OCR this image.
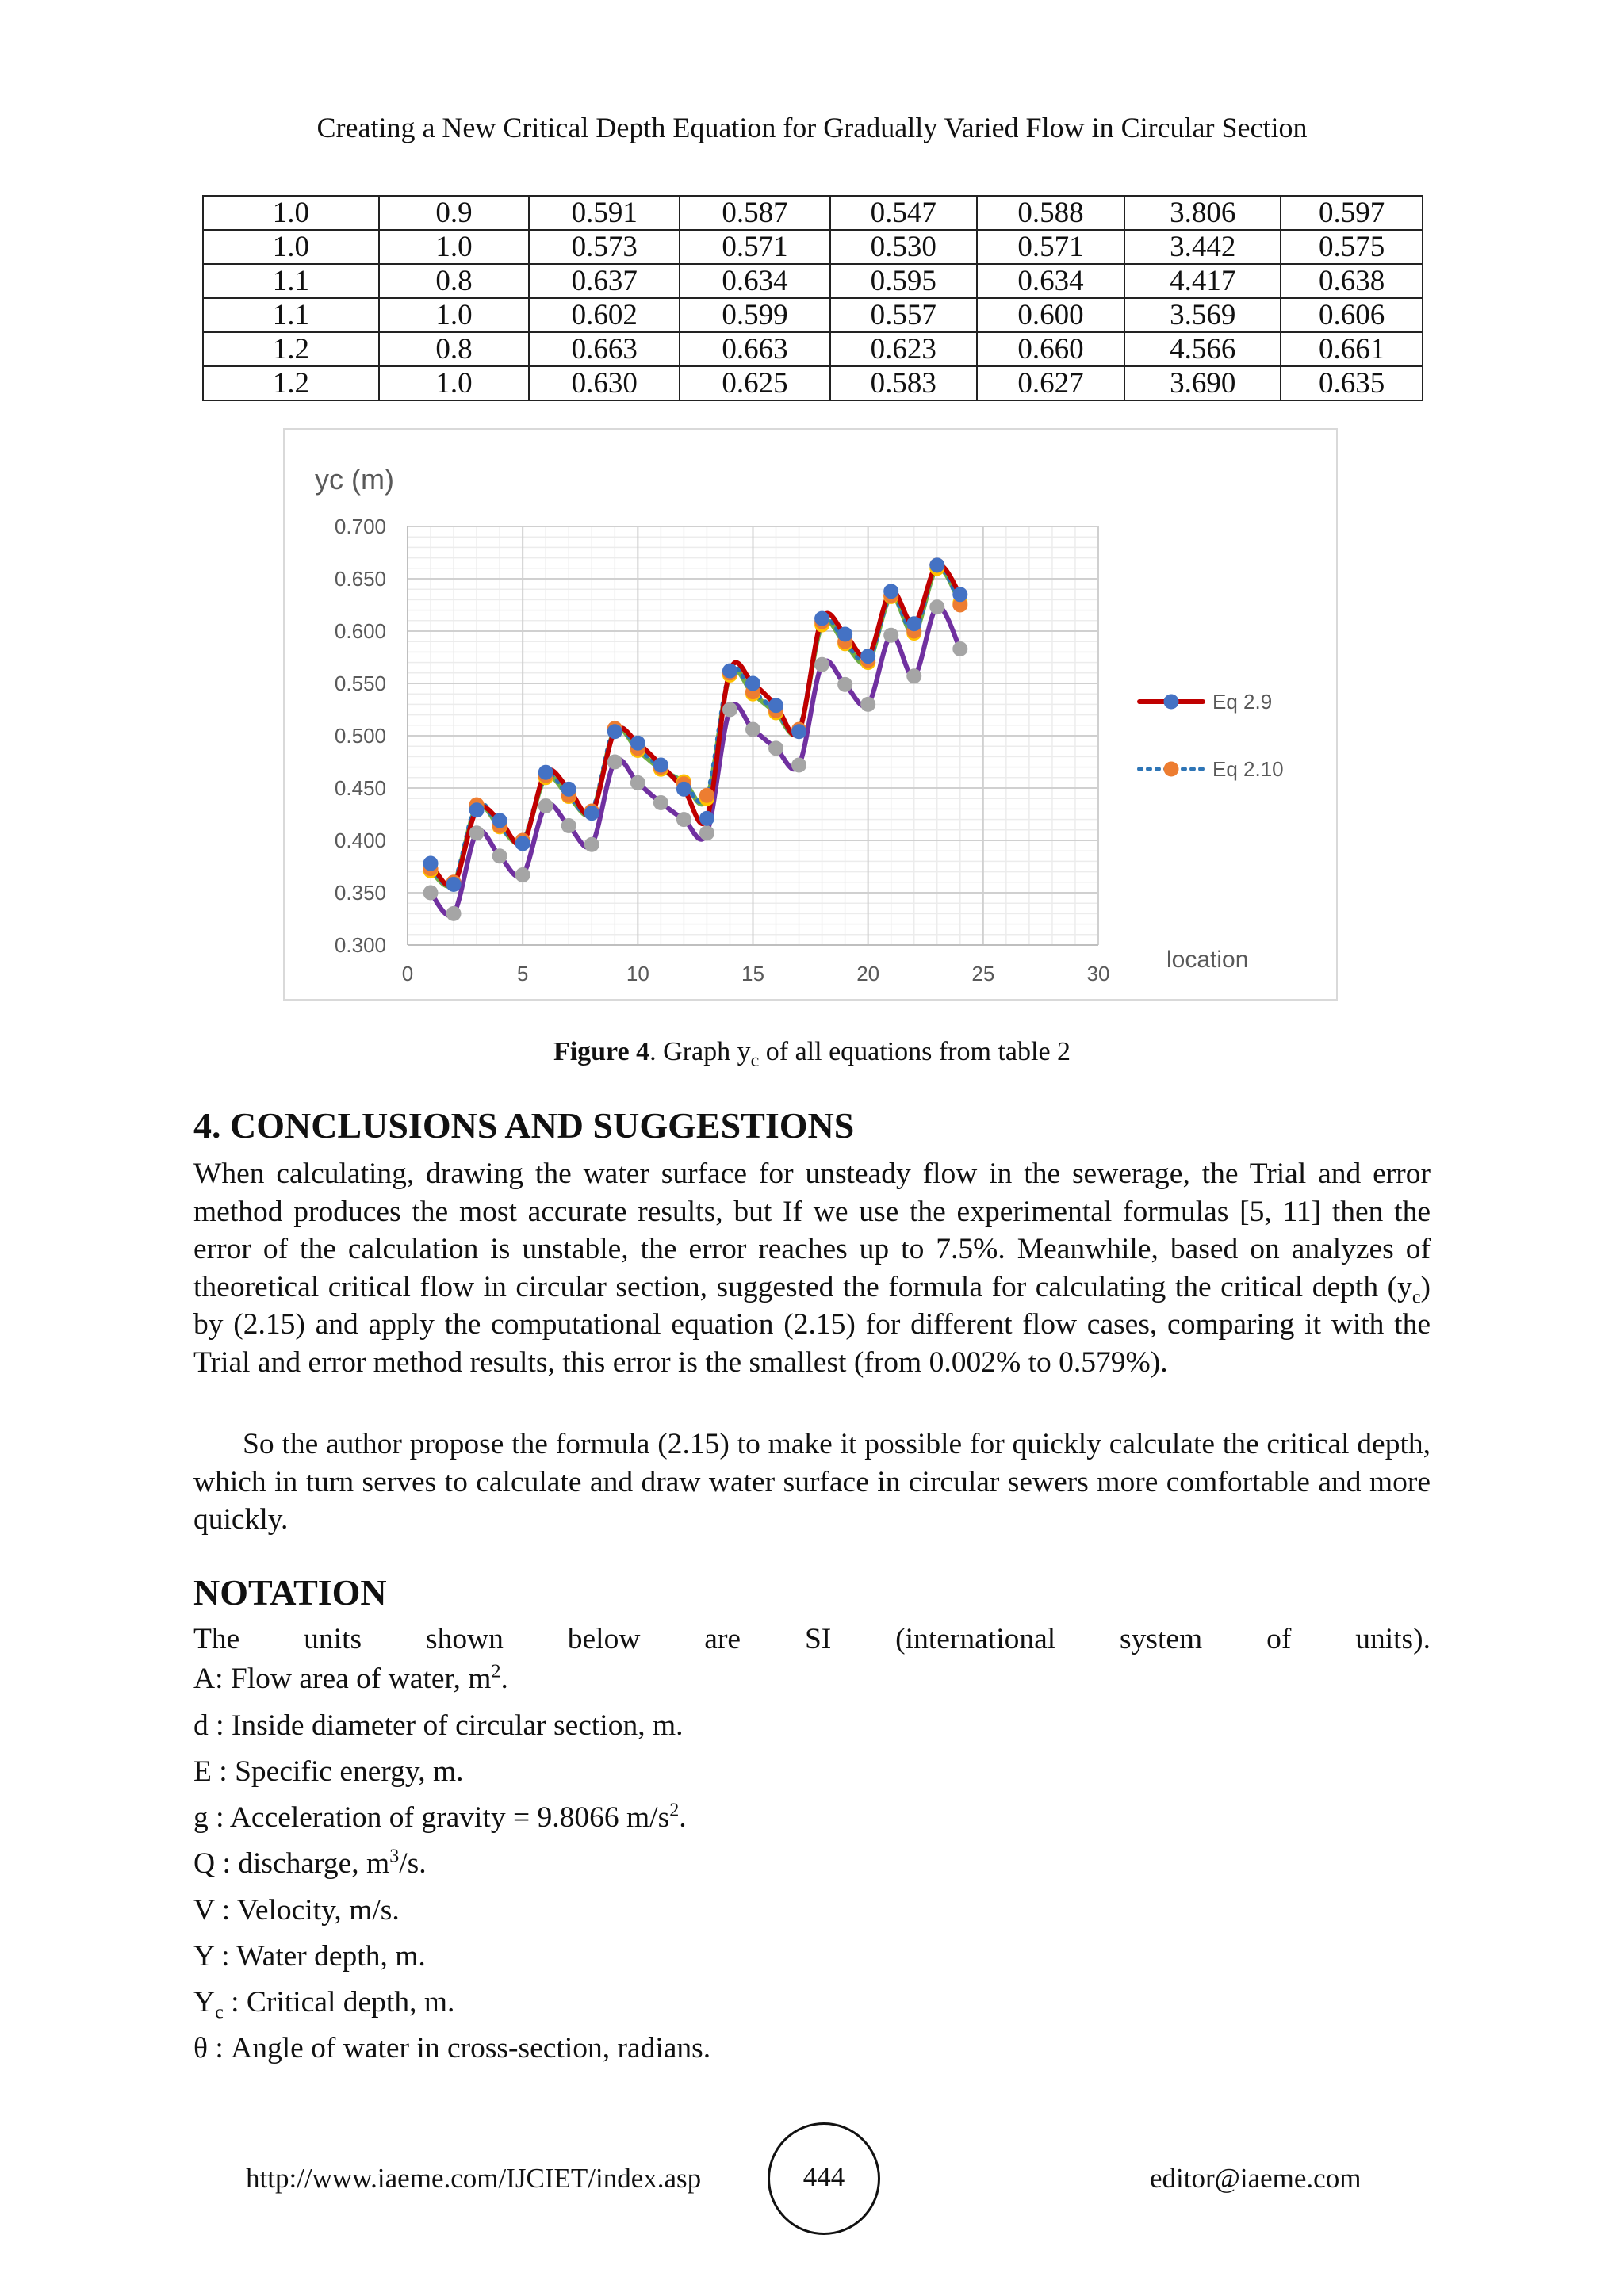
Creating a New Critical Depth Equation for Gradually Varied Flow in Circular Section
1.0	0.9	0.591	0.587	0.547	0.588	3.806	0.597
1.0	1.0	0.573	0.571	0.530	0.571	3.442	0.575
1.1	0.8	0.637	0.634	0.595	0.634	4.417	0.638
1.1	1.0	0.602	0.599	0.557	0.600	3.569	0.606
1.2	0.8	0.663	0.663	0.623	0.660	4.566	0.661
1.2	1.0	0.630	0.625	0.583	0.627	3.690	0.635
0.300
0.350
0.400
0.450
0.500
0.550
0.600
0.650
0.700
0	5	10	15	20	25	30
yc (m)
location
Eq 2.9
Eq 2.10
Figure 4. Graph $y_c$ of all equations from table 2
4. CONCLUSIONS AND SUGGESTIONS
When calculating, drawing the water surface for unsteady flow in the sewerage, the Trial and error method produces the most accurate results, but If we use the experimental formulas [5, 11] then the error of the calculation is unstable, the error reaches up to 7.5%. Meanwhile, based on analyzes of theoretical critical flow in circular section, suggested the formula for calculating the critical depth $(y_c)$ by (2.15) and apply the computational equation (2.15) for different flow cases, comparing it with the Trial and error method results, this error is the smallest (from 0.002% to 0.579%).
So the author propose the formula (2.15) to make it possible for quickly calculate the critical depth, which in turn serves to calculate and draw water surface in circular sewers more comfortable and more quickly.
NOTATION
The units shown below are SI (international system of units).
A: Flow area of water, $m^2$.
d : Inside diameter of circular section, m.
E : Specific energy, m.
g : Acceleration of gravity = 9.8066 $m/s^2$.
Q : discharge, $m^3/s$.
V : Velocity, m/s.
Y : Water depth, m.
$Y_c$ : Critical depth, m.
θ : Angle of water in cross-section, radians.
http://www.iaeme.com/IJCIET/index.asp	444	editor@iaeme.com
